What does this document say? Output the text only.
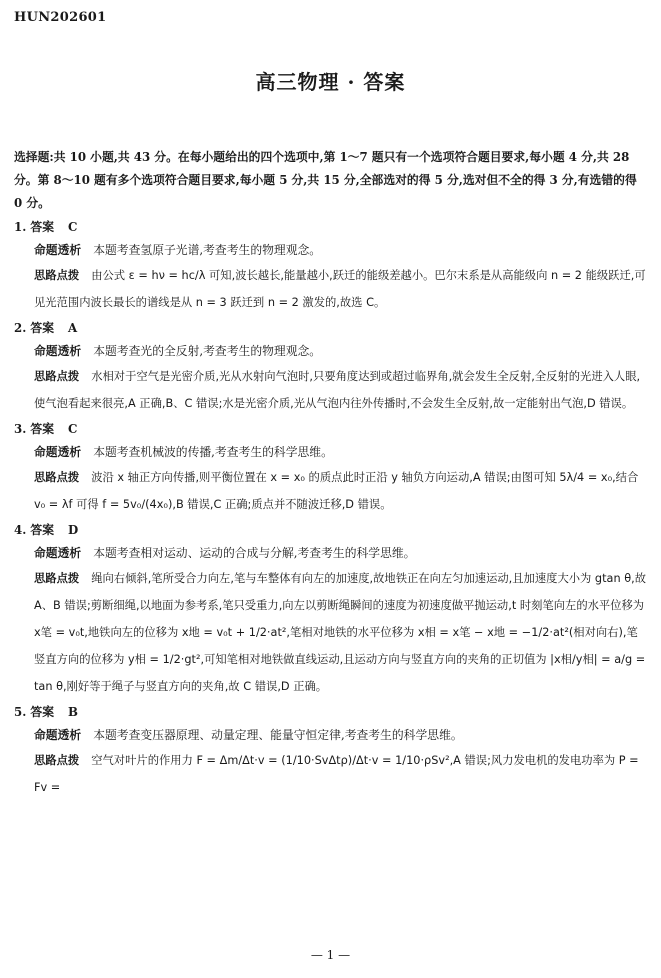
HUN202601
高三物理 · 答案
选择题:共 10 小题,共 43 分。在每小题给出的四个选项中,第 1～7 题只有一个选项符合题目要求,每小题 4 分,共 28 分。第 8～10 题有多个选项符合题目要求,每小题 5 分,共 15 分,全部选对的得 5 分,选对但不全的得 3 分,有选错的得 0 分。
1. 答案 C
命题透析 本题考查氢原子光谱,考查考生的物理观念。
思路点拨 由公式 ε = hν = hc/λ 可知,波长越长,能量越小,跃迁的能级差越小。巴尔末系是从高能级向 n = 2 能级跃迁,可见光范围内波长最长的谱线是从 n = 3 跃迁到 n = 2 激发的,故选 C。
2. 答案 A
命题透析 本题考查光的全反射,考查考生的物理观念。
思路点拨 水相对于空气是光密介质,光从水射向气泡时,只要角度达到或超过临界角,就会发生全反射,全反射的光进入人眼,使气泡看起来很亮,A 正确,B、C 错误;水是光密介质,光从气泡内往外传播时,不会发生全反射,故一定能射出气泡,D 错误。
3. 答案 C
命题透析 本题考查机械波的传播,考查考生的科学思维。
思路点拨 波沿 x 轴正方向传播,则平衡位置在 x = x₀ 的质点此时正沿 y 轴负方向运动,A 错误;由图可知 5λ/4 = x₀,结合 v₀ = λf 可得 f = 5v₀/(4x₀),B 错误,C 正确;质点并不随波迁移,D 错误。
4. 答案 D
命题透析 本题考查相对运动、运动的合成与分解,考查考生的科学思维。
思路点拨 绳向右倾斜,笔所受合力向左,笔与车整体有向左的加速度,故地铁正在向左匀加速运动,且加速度大小为 gtan θ,故 A、B 错误;剪断细绳,以地面为参考系,笔只受重力,向左以剪断绳瞬间的速度为初速度做平抛运动,t 时刻笔向左的水平位移为 x笔 = v₀t,地铁向左的位移为 x地 = v₀t + 1/2·at²,笔相对地铁的水平位移为 x相 = x笔 − x地 = −1/2·at²(相对向右),笔竖直方向的位移为 y相 = 1/2·gt²,可知笔相对地铁做直线运动,且运动方向与竖直方向的夹角的正切值为 |x相/y相| = a/g = tan θ,刚好等于绳子与竖直方向的夹角,故 C 错误,D 正确。
5. 答案 B
命题透析 本题考查变压器原理、动量定理、能量守恒定律,考查考生的科学思维。
思路点拨 空气对叶片的作用力 F = Δm/Δt·v = (1/10·SvΔtρ)/Δt·v = 1/10·ρSv²,A 错误;风力发电机的发电功率为 P = Fv =
— 1 —
